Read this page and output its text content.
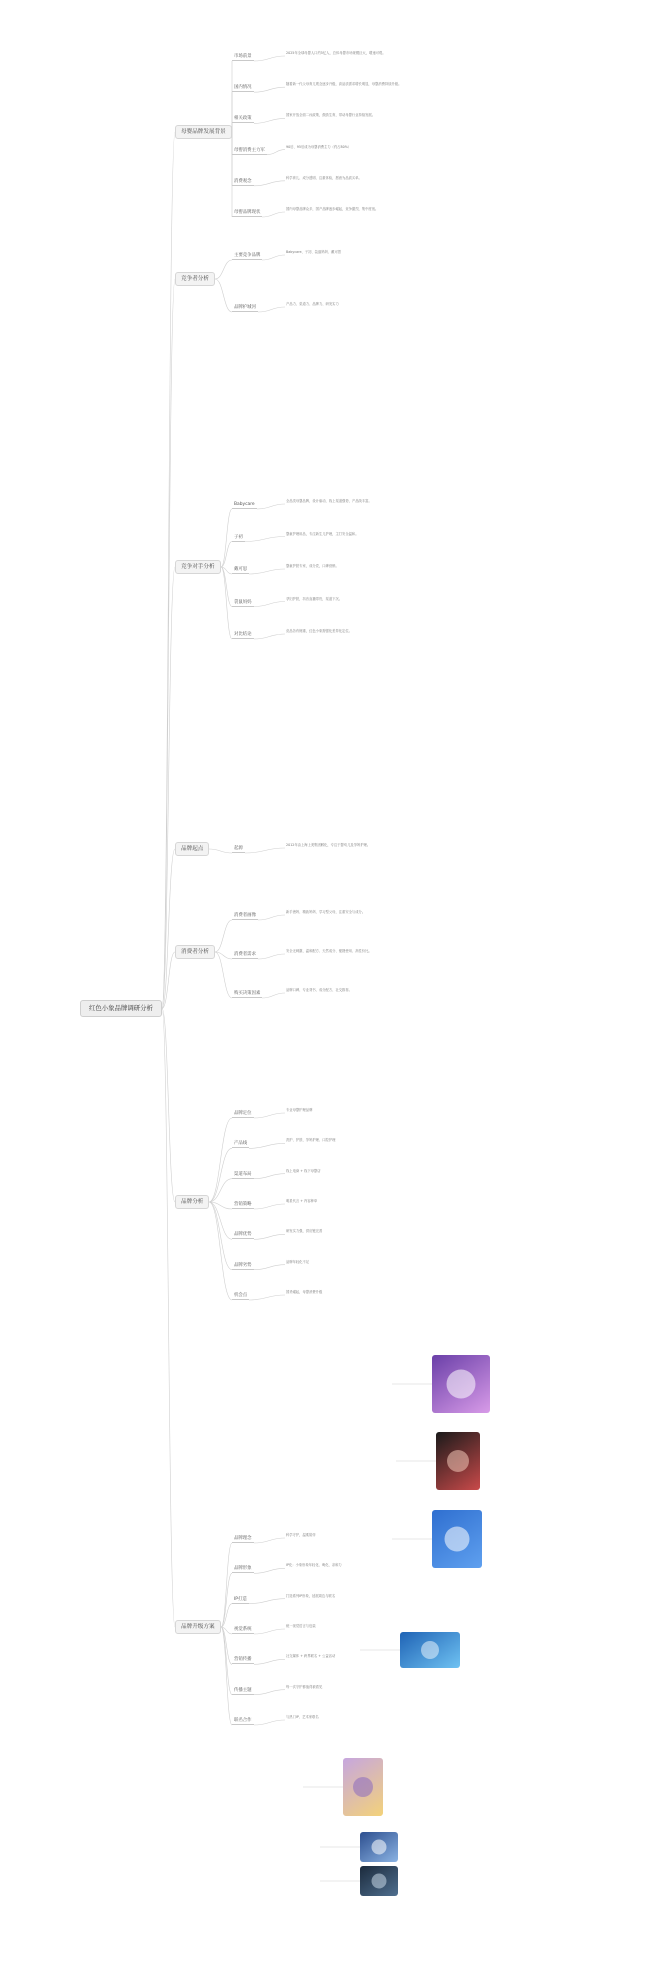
红色小象品牌调研分析
母婴品牌发展背景
市场前景
2025年全球母婴人口约5亿人，总体母婴市场规模巨大，增速可观。
国内情况
随着新一代父母育儿观念逐步升级，高品质需求增长明显，母婴消费持续升级。
相关政策
国家开放全面二孩政策，鼓励生育，带动母婴行业持续发展。
母婴消费主力军
90后、95后成为母婴消费主力（约占80%）
消费观念
科学育儿、成分透明、注重体验，愿意为品质买单。
母婴品牌现状
国内母婴品牌众多，国产品牌逐步崛起，竞争激烈，集中度低。
竞争者分析
主要竞争品牌
Babycare、子初、袋鼠妈妈、戴可思
品牌护城河
产品力、渠道力、品牌力、研发实力
竞争对手分析
Babycare
全品类母婴品牌，设计驱动，线上渠道强势，产品线丰富。
子初
婴童护理用品，专注新生儿护理，主打安全温和。
戴可思
婴童护肤专家，成分党，口碑营销。
袋鼠妈妈
孕妇护肤，抖音直播带货，渠道下沉。
对比结论
竞品各有侧重，红色小象需强化差异化定位。
品牌起点	起源
2012年由上海上美集团孵化，专注于婴幼儿及孕妈护理。
消费者分析
消费者画像
新手爸妈、精致妈妈、学习型父母，注重安全与成分。
消费者需求
安全无刺激、温和配方、天然成分、便捷使用、高性价比。
购买决策因素
品牌口碑、专业背书、成分配方、社交推荐。
品牌分析
品牌定位
专业母婴护理品牌
产品线
洗护、护肤、孕妈护理、口腔护理
渠道布局
线上电商 + 线下母婴店
营销策略
明星代言 + 内容种草
品牌优势
研发实力强，供应链完善
品牌劣势
品牌年轻化不足
机会点
国货崛起，母婴消费升级
品牌升级方案
品牌理念
科学守护，温柔陪伴
品牌形象
IP化：小象形象年轻化、萌化、亲和力
IP打造
打造系列IP形象，延展周边与联名
视觉系统
统一视觉语言与包装
营销传播
社交媒体 + 跨界联名 + 公益活动
传播主题
每一次守护都值得被看见
联名合作
与热门IP、艺术家联名
